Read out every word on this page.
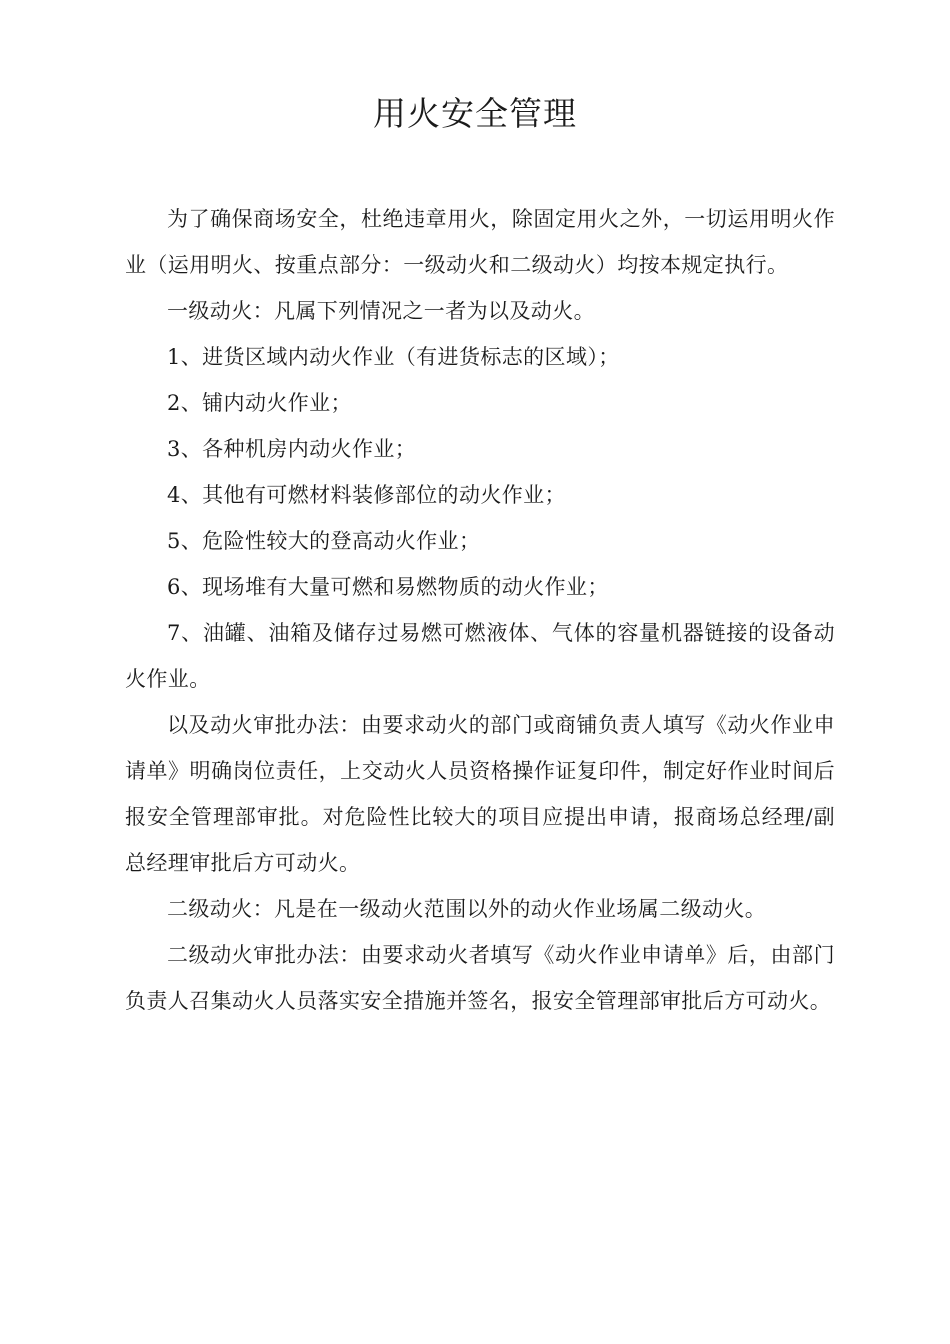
用火安全管理

为了确保商场安全，杜绝违章用火，除固定用火之外，一切运用明火作业（运用明火、按重点部分：一级动火和二级动火）均按本规定执行。

一级动火：凡属下列情况之一者为以及动火。

1、进货区域内动火作业（有进货标志的区域）；

2、铺内动火作业；

3、各种机房内动火作业；

4、其他有可燃材料装修部位的动火作业；

5、危险性较大的登高动火作业；

6、现场堆有大量可燃和易燃物质的动火作业；

7、油罐、油箱及储存过易燃可燃液体、气体的容量机器链接的设备动火作业。

以及动火审批办法：由要求动火的部门或商铺负责人填写《动火作业申请单》明确岗位责任，上交动火人员资格操作证复印件，制定好作业时间后报安全管理部审批。对危险性比较大的项目应提出申请，报商场总经理/副总经理审批后方可动火。

二级动火：凡是在一级动火范围以外的动火作业场属二级动火。

二级动火审批办法：由要求动火者填写《动火作业申请单》后，由部门负责人召集动火人员落实安全措施并签名，报安全管理部审批后方可动火。
